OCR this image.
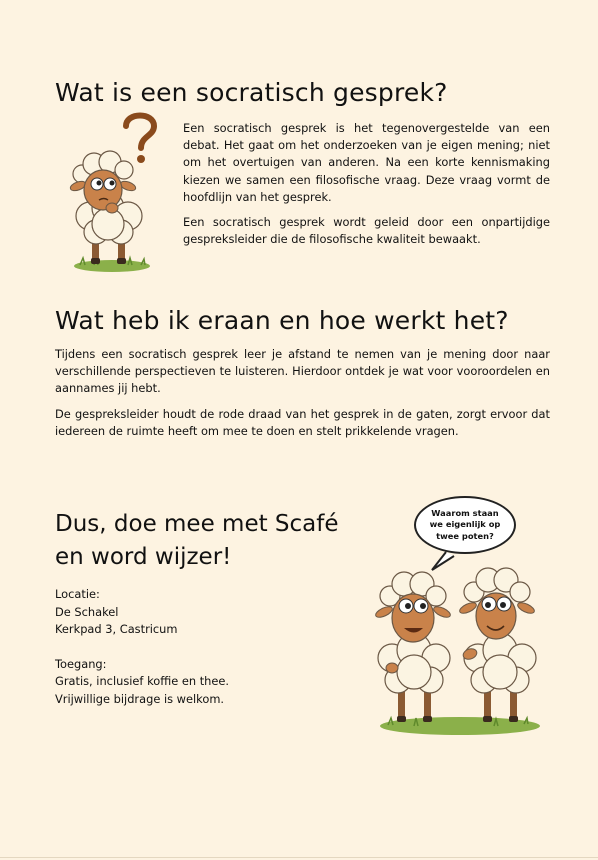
Wat is een socratisch gesprek?

Een socratisch gesprek is het tegenovergestelde van een debat. Het gaat om het onderzoeken van je eigen mening; niet om het overtuigen van anderen. Na een korte kennismaking kiezen we samen een filosofische vraag. Deze vraag vormt de hoofdlijn van het gesprek.

Een socratisch gesprek wordt geleid door een onpartijdige gespreksleider die de filosofische kwaliteit bewaakt.

Wat heb ik eraan en hoe werkt het?

Tijdens een socratisch gesprek leer je afstand te nemen van je mening door naar verschillende perspectieven te luisteren. Hierdoor ontdek je wat voor vooroordelen en aannames jij hebt.

De gespreksleider houdt de rode draad van het gesprek in de gaten, zorgt ervoor dat iedereen de ruimte heeft om mee te doen en stelt prikkelende vragen.

Dus, doe mee met Scafé
en word wijzer!
Locatie:
De Schakel
Kerkpad 3, Castricum
Toegang:
Gratis, inclusief koffie en thee.
Vrijwillige bijdrage is welkom.
Waarom staan we eigenlijk op twee poten?
